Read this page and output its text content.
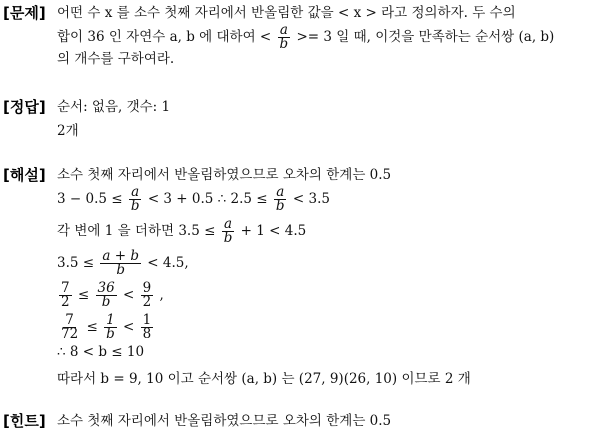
[문제] 어떤 수 x 를 소수 첫째 자리에서 반올림한 값을 < x > 라고 정의하자. 두 수의
합이 36 인 자연수 a, b 에 대하여 < $\frac{a}{b} >= 3$ 일 때, 이것을 만족하는 순서쌍 (a, b)
의 개수를 구하여라.
[정답] 순서: 없음, 갯수: 1
2개
[해설] 소수 첫째 자리에서 반올림하였으므로 오차의 한계는 0.5
$3 - 0.5 \le \frac{a}{b} < 3 + 0.5$ ∴ $2.5 \le \frac{a}{b} < 3.5$
각 변에 1 을 더하면 $3.5 \le \frac{a}{b} + 1 < 4.5$
$3.5 \le \frac{a + b}{b} < 4.5$,
$\frac{7}{2} \le \frac{36}{b} < \frac{9}{2}$ ,
$\frac{7}{72} \le \frac{1}{b} < \frac{1}{8}$
∴ 8 < b ≤ 10
따라서 b = 9, 10 이고 순서쌍 (a, b) 는 (27, 9)(26, 10) 이므로 2 개
[힌트] 소수 첫째 자리에서 반올림하였으므로 오차의 한계는 0.5
